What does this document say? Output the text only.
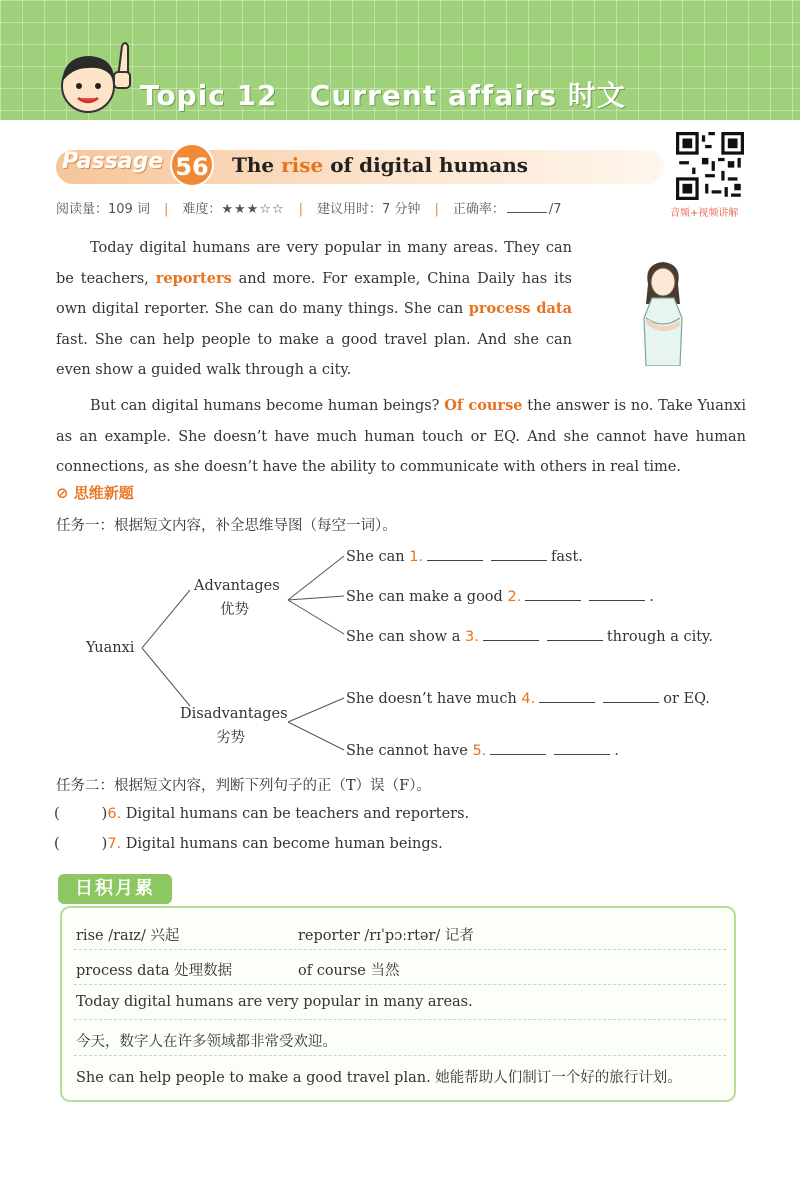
Topic 12 Current affairs 时文
Passage 56 The rise of digital humans
音频+视频讲解
阅读量：109 词 | 难度：★★★☆☆ | 建议用时：7 分钟 | 正确率：	/7
Today digital humans are very popular in many areas. They can be teachers, reporters and more. For example, China Daily has its own digital reporter. She can do many things. She can process data fast. She can help people to make a good travel plan. And she can even show a guided walk through a city.
But can digital humans become human beings? Of course the answer is no. Take Yuanxi as an example. She doesn’t have much human touch or EQ. And she cannot have human connections, as she doesn’t have the ability to communicate with others in real time.
⊘ 思维新题
任务一：根据短文内容，补全思维导图（每空一词）。
Yuanxi
Advantages
优势
Disadvantages
劣势
She can 1.	fast.
She can make a good 2.	.
She can show a 3.	through a city.
She doesn’t have much 4.	or EQ.
She cannot have 5.	.
任务二：根据短文内容，判断下列句子的正（T）误（F）。
(	)6. Digital humans can be teachers and reporters.
(	)7. Digital humans can become human beings.
日积月累
rise /raɪz/ 兴起	reporter /rɪˈpɔːrtər/ 记者
process data 处理数据	of course 当然
Today digital humans are very popular in many areas.
今天，数字人在许多领域都非常受欢迎。
She can help people to make a good travel plan. 她能帮助人们制订一个好的旅行计划。
